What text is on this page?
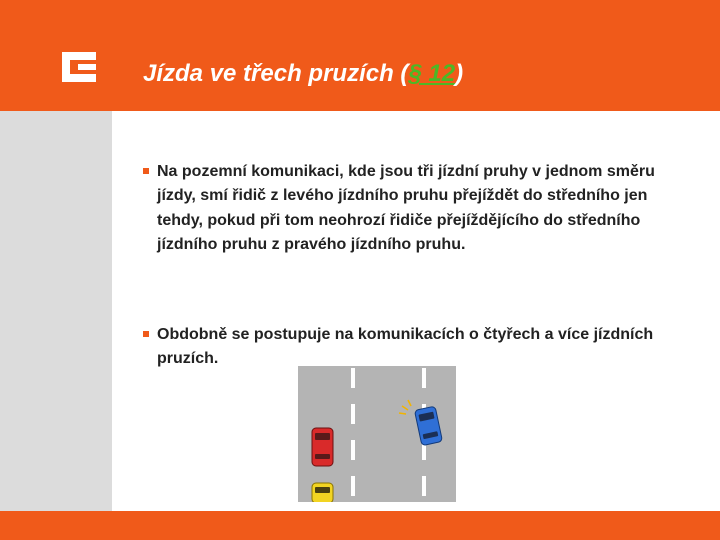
Jízda ve třech pruzích (§ 12)

Na pozemní komunikaci, kde jsou tři jízdní pruhy v jednom směru jízdy, smí řidič z levého jízdního pruhu přejíždět do středního jen tehdy, pokud při tom neohrozí řidiče přejíždějícího do středního jízdního pruhu z pravého jízdního pruhu.

Obdobně se postupuje na komunikacích o čtyřech a více jízdních pruzích.
